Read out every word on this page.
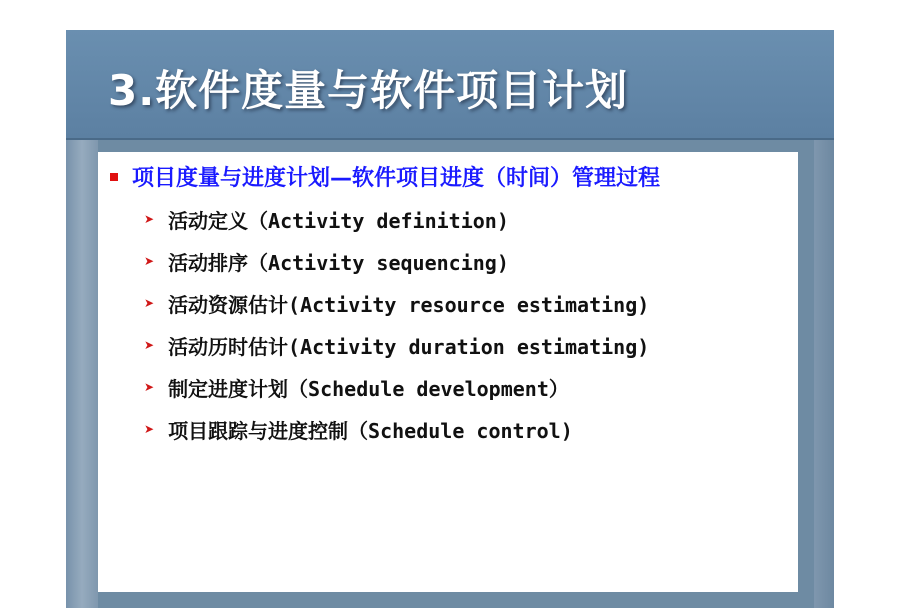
3.软件度量与软件项目计划
项目度量与进度计划—软件项目进度（时间）管理过程
➤ 活动定义（Activity definition)
➤ 活动排序（Activity sequencing)
➤ 活动资源估计(Activity resource estimating)
➤ 活动历时估计(Activity duration estimating)
➤ 制定进度计划（Schedule development）
➤ 项目跟踪与进度控制（Schedule control)
